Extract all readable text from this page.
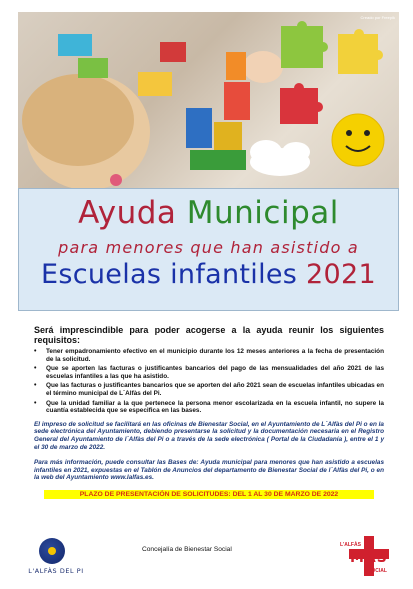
Creado por Freepik
Ayuda Municipal
para menores que han asistido a
Escuelas infantiles 2021

Será imprescindible para poder acogerse a la ayuda reunir los siguientes requisitos:

• Tener empadronamiento efectivo en el municipio durante los 12 meses anteriores a la fecha de presentación de la solicitud.
• Que se aporten las facturas o justificantes bancarios del pago de las mensualidades del año 2021 de las escuelas infantiles a las que ha asistido.
• Que las facturas o justificantes bancarios que se aporten del año 2021 sean de escuelas infantiles ubicadas en el término municipal de L´Alfàs del Pi.
• Que la unidad familiar a la que pertenece la persona menor escolarizada en la escuela infantil, no supere la cuantía establecida que se especifica en las bases.

El impreso de solicitud se facilitará en las oficinas de Bienestar Social, en el Ayuntamiento de L´Alfàs del Pi o en la sede electrónica del Ayuntamiento, debiendo presentarse la solicitud y la documentación necesaria en el Registro General del Ayuntamiento de l´Alfàs del Pi o a través de la sede electrónica ( Portal de la Ciudadanía ), entre el 1 y el 30 de marzo de 2022.

Para más información, puede consultar las Bases de: Ayuda municipal para menores que han asistido a escuelas infantiles en 2021, expuestas en el Tablón de Anuncios del departamento de Bienestar Social de l´Alfàs del Pi, o en la web del Ayuntamiento www.lalfas.es.

PLAZO DE PRESENTACIÓN DE SOLICITUDES: DEL 1 AL 30 DE MARZO DE 2022
L'ALFÀS DEL PI
Concejalía de Bienestar Social
L'ALFÀS
MÁS
SOCIAL
